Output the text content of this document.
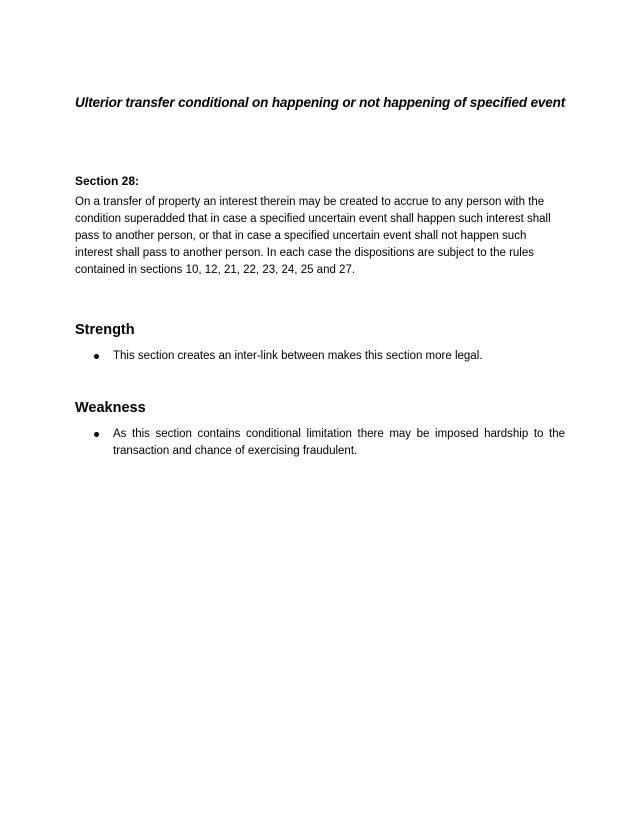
Ulterior transfer conditional on happening or not happening of specified event
Section 28:

On a transfer of property an interest therein may be created to accrue to any person with the
condition superadded that in case a specified uncertain event shall happen such interest shall
pass to another person, or that in case a specified uncertain event shall not happen such
interest shall pass to another person. In each case the dispositions are subject to the rules
contained in sections 10, 12, 21, 22, 23, 24, 25 and 27.

Strength
This section creates an inter-link between makes this section more legal.
Weakness
As this section contains conditional limitation there may be imposed hardship to the
transaction and chance of exercising fraudulent.
